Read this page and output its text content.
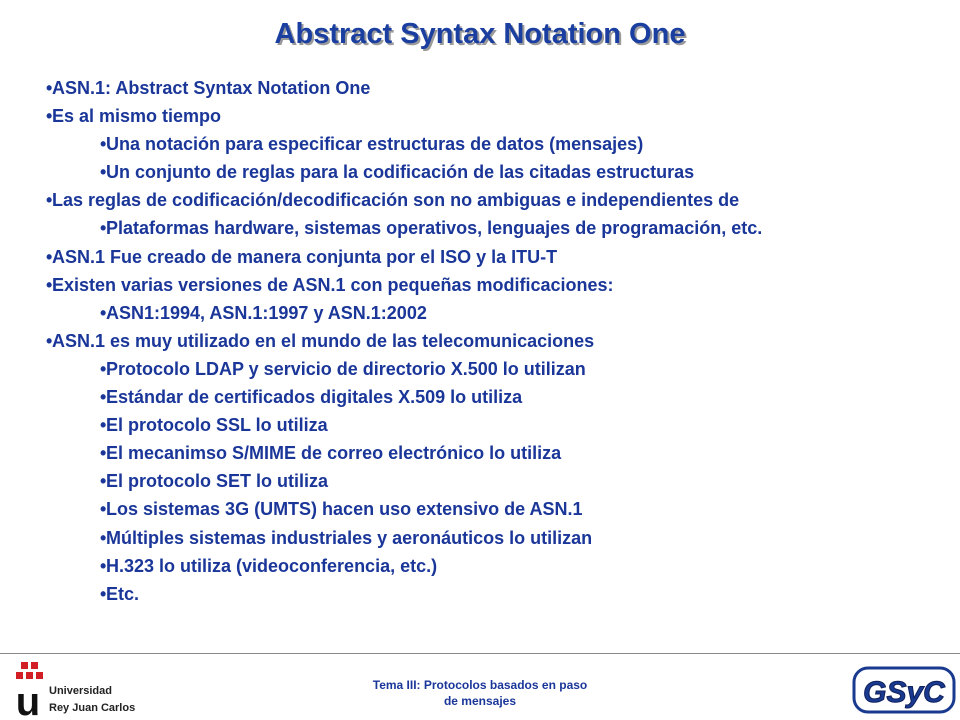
Abstract Syntax Notation One
•ASN.1: Abstract Syntax Notation One
•Es al mismo tiempo
•Una notación para especificar estructuras de datos (mensajes)
•Un conjunto de reglas para la codificación de las citadas estructuras
•Las reglas de codificación/decodificación son no ambiguas e independientes de
•Plataformas hardware, sistemas operativos, lenguajes de programación, etc.
•ASN.1 Fue creado de manera conjunta por el ISO y la ITU-T
•Existen varias versiones de ASN.1 con pequeñas modificaciones:
•ASN1:1994, ASN.1:1997 y ASN.1:2002
•ASN.1 es muy utilizado en el mundo de las telecomunicaciones
•Protocolo LDAP y servicio de directorio X.500 lo utilizan
•Estándar de certificados digitales X.509 lo utiliza
•El protocolo SSL lo utiliza
•El mecanimso S/MIME de correo electrónico lo utiliza
•El protocolo SET lo utiliza
•Los sistemas 3G (UMTS) hacen uso extensivo de ASN.1
•Múltiples sistemas industriales y aeronáuticos lo utilizan
•H.323 lo utiliza (videoconferencia, etc.)
•Etc.
u Universidad
Rey Juan Carlos
Tema III: Protocolos basados en paso
de mensajes	GSyC
